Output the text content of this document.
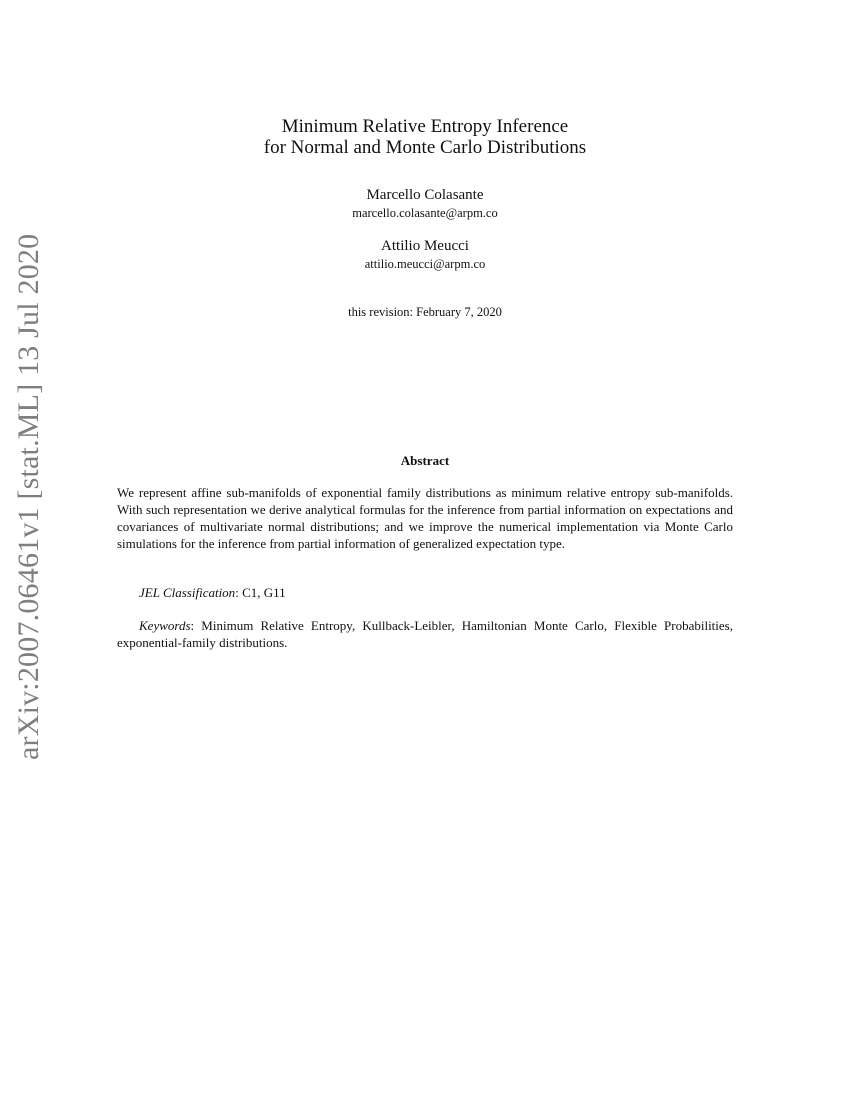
arXiv:2007.06461v1 [stat.ML] 13 Jul 2020
Minimum Relative Entropy Inference
for Normal and Monte Carlo Distributions
Marcello Colasante
marcello.colasante@arpm.co
Attilio Meucci
attilio.meucci@arpm.co
this revision: February 7, 2020
Abstract

We represent affine sub-manifolds of exponential family distributions as minimum relative entropy sub-manifolds. With such representation we derive analytical formulas for the inference from partial information on expectations and covariances of multivariate normal distributions; and we improve the numerical implementation via Monte Carlo simulations for the inference from partial information of generalized expectation type.

JEL Classification: C1, G11
Keywords: Minimum Relative Entropy, Kullback-Leibler, Hamiltonian Monte Carlo, Flexible Probabilities, exponential-family distributions.
